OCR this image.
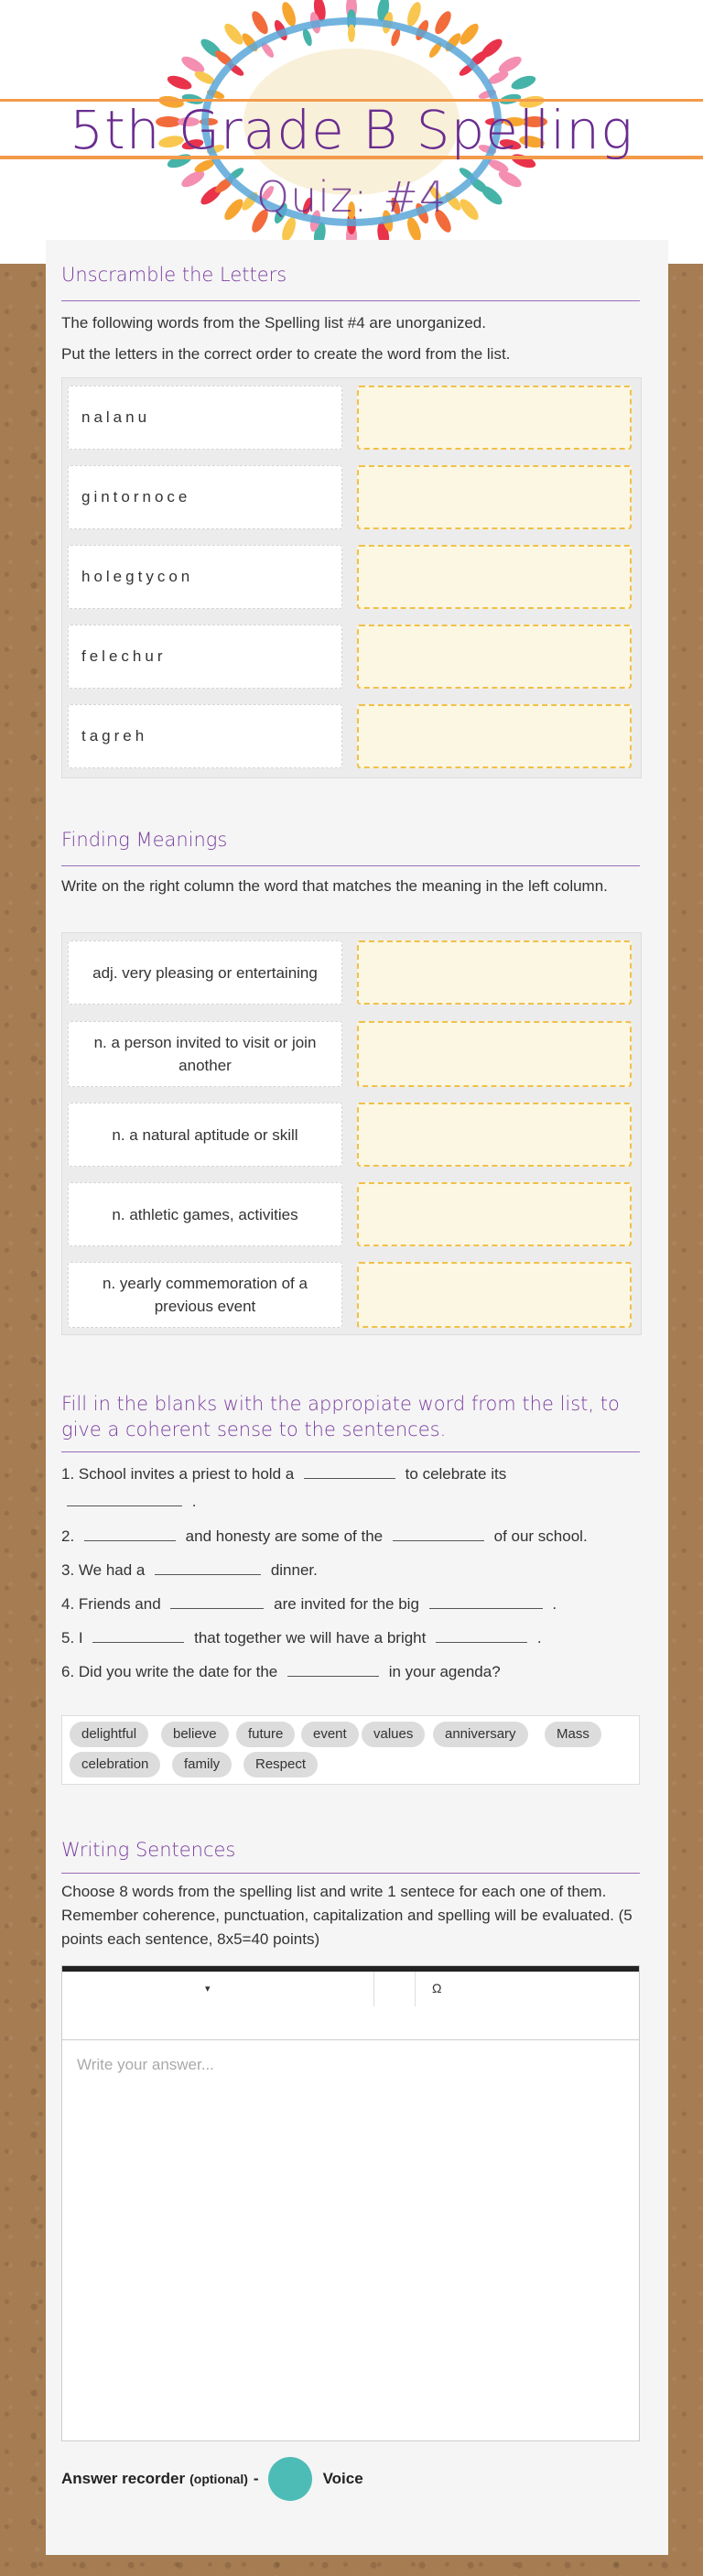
5th Grade B Spelling
Quiz: #4
Unscramble the Letters
The following words from the Spelling list #4 are unorganized.
Put the letters in the correct order to create the word from the list.
nalanu
gintornoce
holegtycon
felechur
tagreh
Finding Meanings
Write on the right column the word that matches the meaning in the left column.
adj. very pleasing or entertaining
n. a person invited to visit or join another
n. a natural aptitude or skill
n. athletic games, activities
n. yearly commemoration of a previous event
Fill in the blanks with the appropiate word from the list, to give a coherent sense to the sentences.
1. School invites a priest to hold a	to celebrate its
.
2.	and honesty are some of the	of our school.
3. We had a	dinner.
4. Friends and	are invited for the big	.
5. I	that together we will have a bright	.
6. Did you write the date for the	in your agenda?
delightful	believe	future	event	values	anniversary	Mass
celebration	family	Respect
Writing Sentences
Choose 8 words from the spelling list and write 1 sentece for each one of them. Remember coherence, punctuation, capitalization and spelling will be evaluated. (5 points each sentence, 8x5=40 points)
▾	Ω
Write your answer...
Answer recorder (optional) -	Voice
